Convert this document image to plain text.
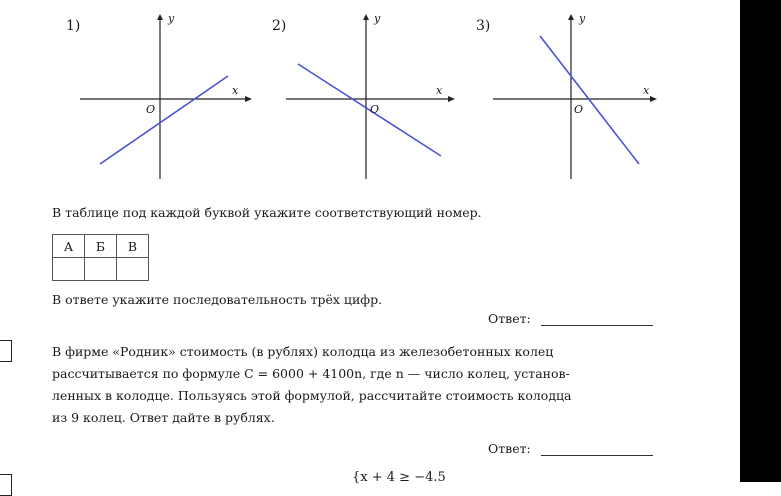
1)	y
x
O
2)	y
x
O
3)	y
x
O
В таблице под каждой буквой укажите соответствующий номер.
А	Б	В

В ответе укажите последовательность трёх цифр.
Ответ:
В фирме «Родник» стоимость (в рублях) колодца из железобетонных колец
рассчитывается по формуле C = 6000 + 4100n, где n — число колец, установ-
ленных в колодце. Пользуясь этой формулой, рассчитайте стоимость колодца
из 9 колец. Ответ дайте в рублях.
Ответ:
{x + 4 ≥ −4.5
